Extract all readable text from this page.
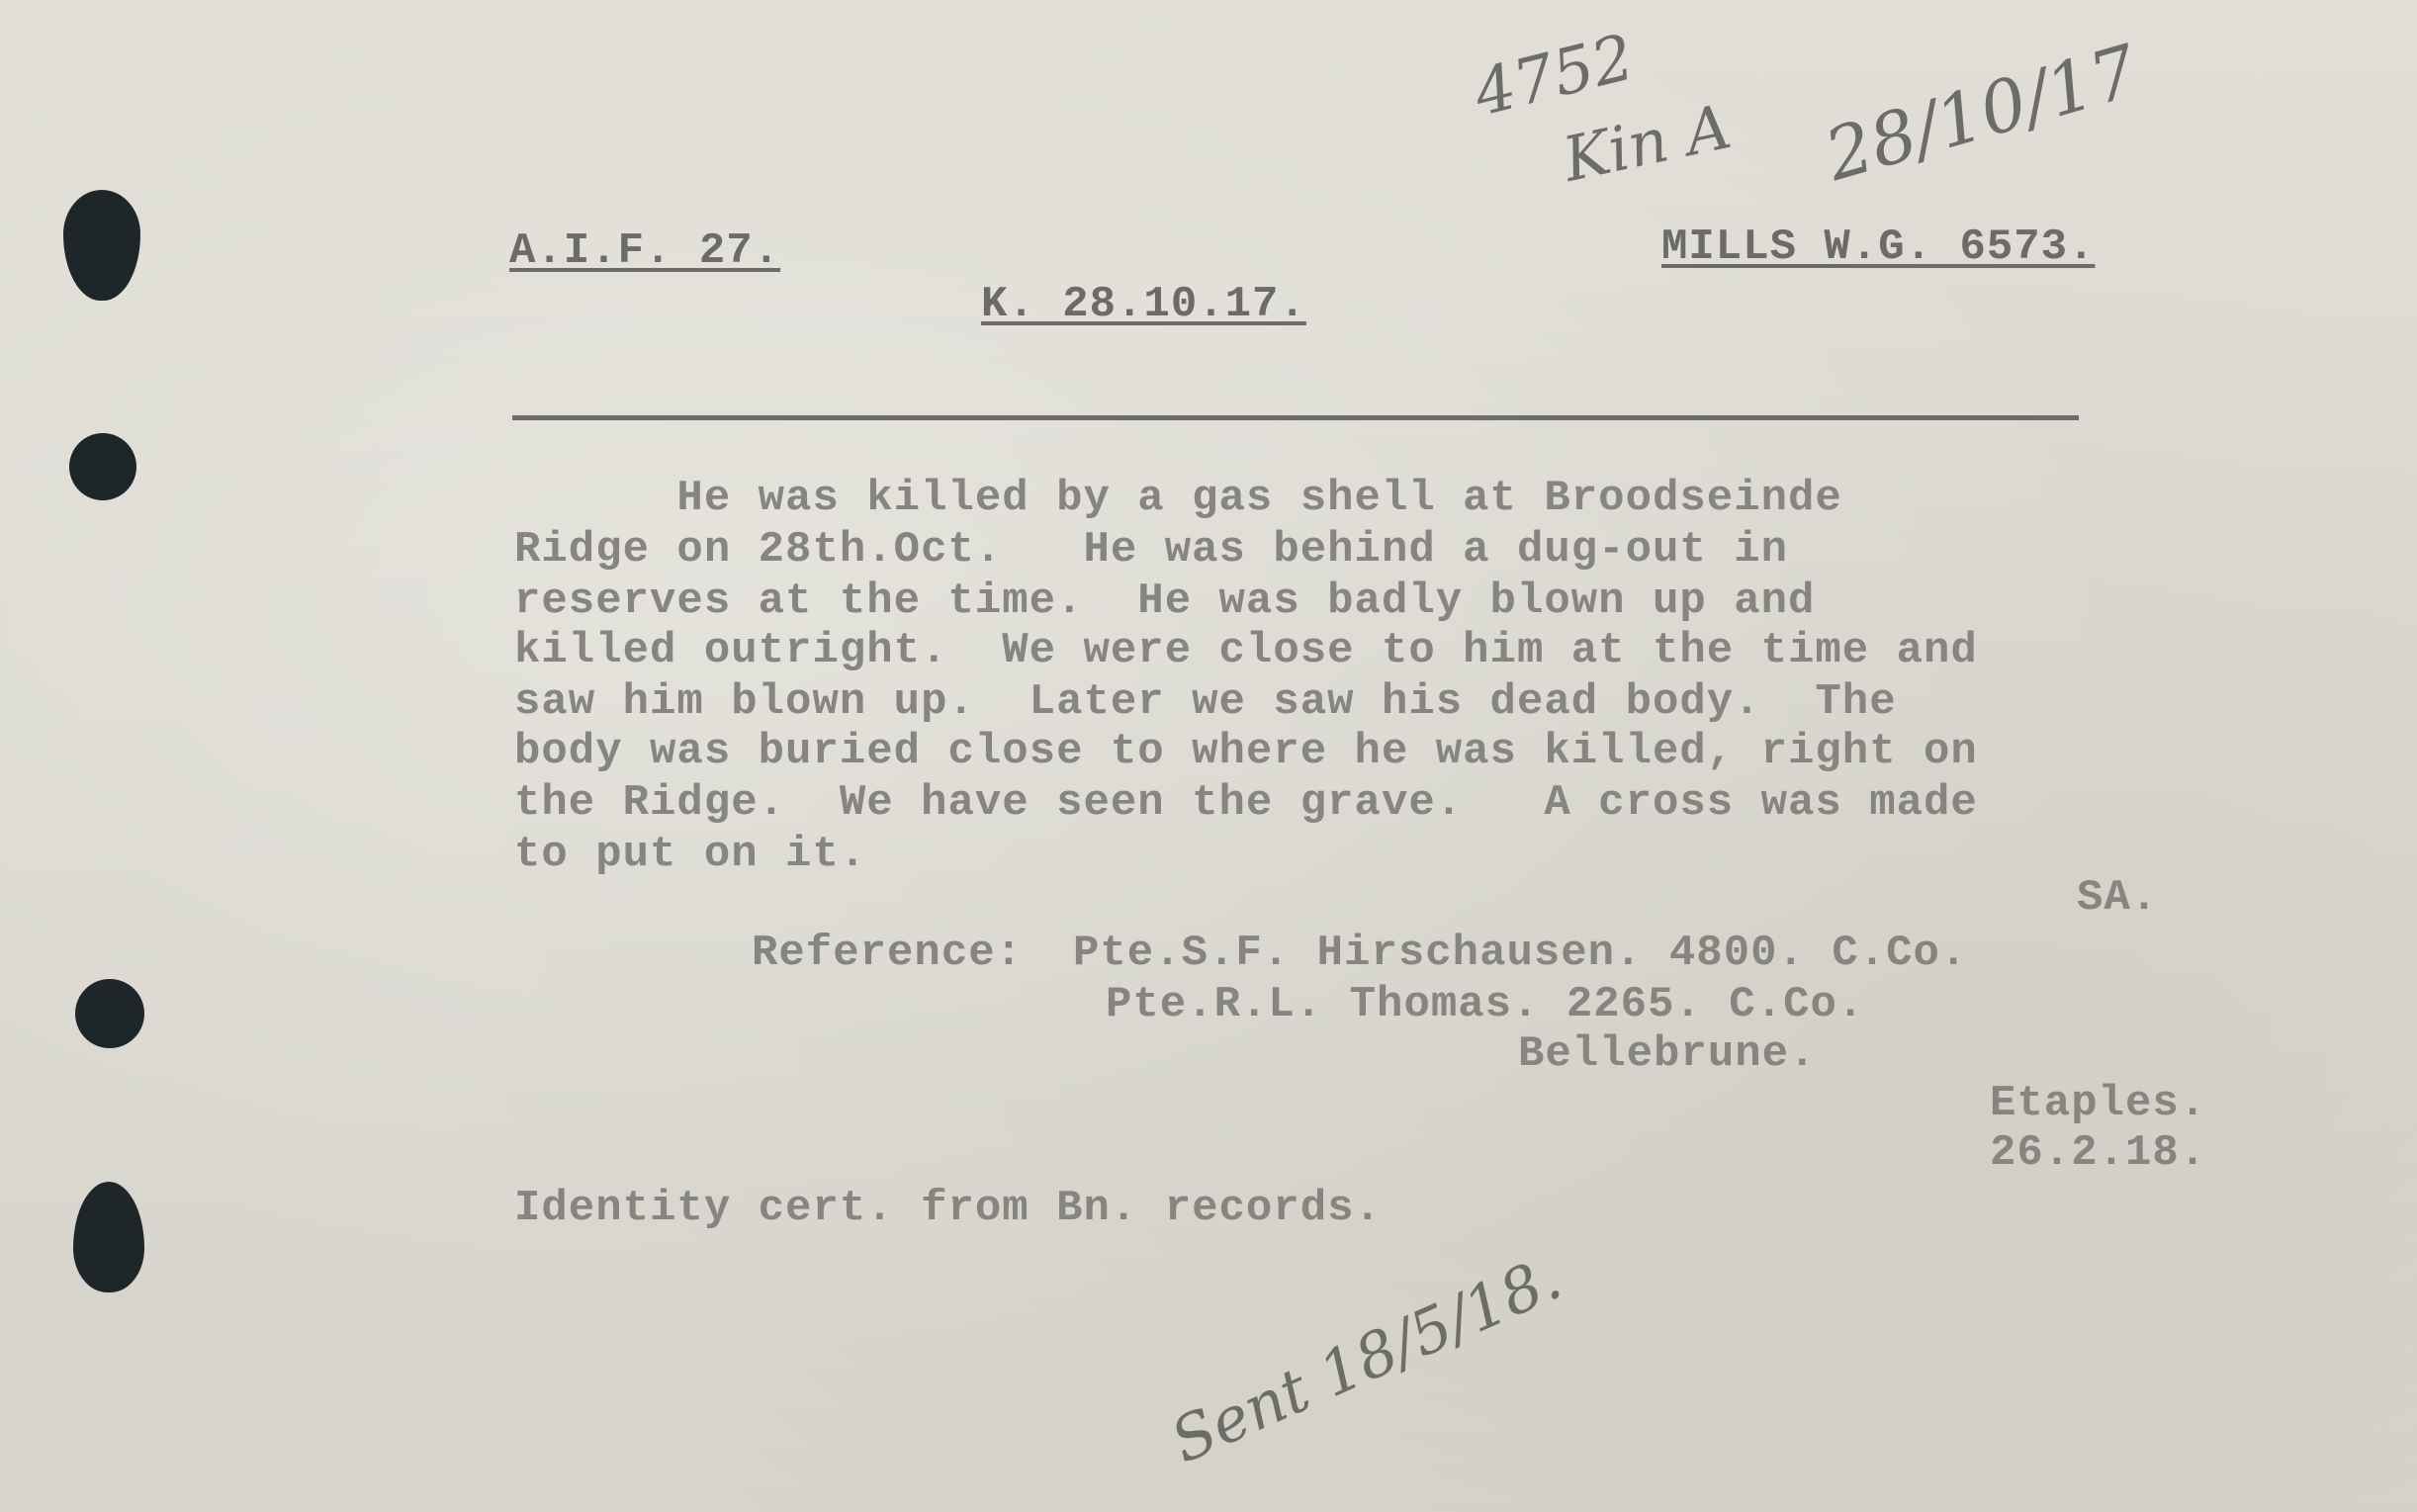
A.I.F. 27.	MILLS W.G. 6573.
K. 28.10.17.
He was killed by a gas shell at Broodseinde
Ridge on 28th.Oct.   He was behind a dug-out in
reserves at the time.  He was badly blown up and
killed outright.  We were close to him at the time and
saw him blown up.  Later we saw his dead body.  The
body was buried close to where he was killed, right on
the Ridge.  We have seen the grave.   A cross was made
to put on it.
SA.
Reference: Pte.S.F. Hirschausen. 4800. C.Co.
Pte.R.L. Thomas. 2265. C.Co.
Bellebrune.
Etaples.
26.2.18.
Identity cert. from Bn. records.
4752
Kin A 28/10/17
Sent 18/5/18.
